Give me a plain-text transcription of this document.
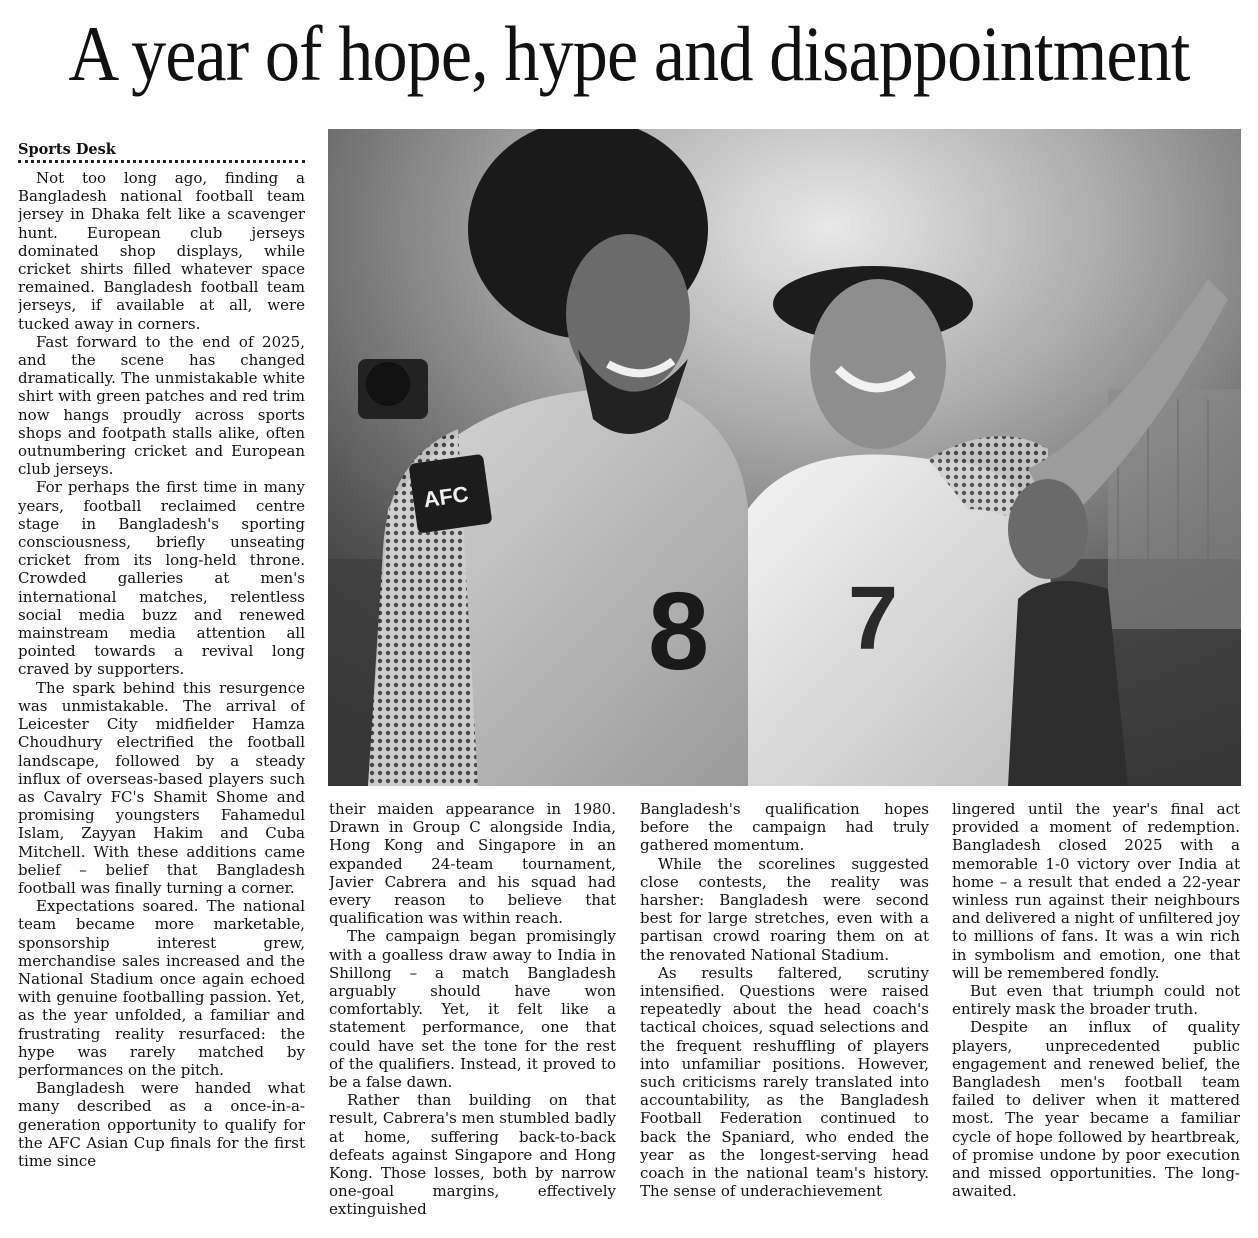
A year of hope, hype and disappointment
Sports Desk

Not too long ago, finding a Bangladesh national football team jersey in Dhaka felt like a scavenger hunt. European club jerseys dominated shop displays, while cricket shirts filled whatever space remained. Bangladesh football team jerseys, if available at all, were tucked away in corners.

Fast forward to the end of 2025, and the scene has changed dramatically. The unmistakable white shirt with green patches and red trim now hangs proudly across sports shops and footpath stalls alike, often outnumbering cricket and European club jerseys.

For perhaps the first time in many years, football reclaimed centre stage in Bangladesh's sporting consciousness, briefly unseating cricket from its long-held throne. Crowded galleries at men's international matches, relentless social media buzz and renewed mainstream media attention all pointed towards a revival long craved by supporters.

The spark behind this resurgence was unmistakable. The arrival of Leicester City midfielder Hamza Choudhury electrified the football landscape, followed by a steady influx of overseas-based players such as Cavalry FC's Shamit Shome and promising youngsters Fahamedul Islam, Zayyan Hakim and Cuba Mitchell. With these additions came belief – belief that Bangladesh football was finally turning a corner.

Expectations soared. The national team became more marketable, sponsorship interest grew, merchandise sales increased and the National Stadium once again echoed with genuine footballing passion. Yet, as the year unfolded, a familiar and frustrating reality resurfaced: the hype was rarely matched by performances on the pitch.

Bangladesh were handed what many described as a once-in-a-generation opportunity to qualify for the AFC Asian Cup finals for the first time since

AFC
8 7

their maiden appearance in 1980. Drawn in Group C alongside India, Hong Kong and Singapore in an expanded 24-team tournament, Javier Cabrera and his squad had every reason to believe that qualification was within reach.

The campaign began promisingly with a goalless draw away to India in Shillong – a match Bangladesh arguably should have won comfortably. Yet, it felt like a statement performance, one that could have set the tone for the rest of the qualifiers. Instead, it proved to be a false dawn.

Rather than building on that result, Cabrera's men stumbled badly at home, suffering back-to-back defeats against Singapore and Hong Kong. Those losses, both by narrow one-goal margins, effectively extinguished

Bangladesh's qualification hopes before the campaign had truly gathered momentum.

While the scorelines suggested close contests, the reality was harsher: Bangladesh were second best for large stretches, even with a partisan crowd roaring them on at the renovated National Stadium.

As results faltered, scrutiny intensified. Questions were raised repeatedly about the head coach's tactical choices, squad selections and the frequent reshuffling of players into unfamiliar positions. However, such criticisms rarely translated into accountability, as the Bangladesh Football Federation continued to back the Spaniard, who ended the year as the longest-serving head coach in the national team's history. The sense of underachievement

lingered until the year's final act provided a moment of redemption. Bangladesh closed 2025 with a memorable 1-0 victory over India at home – a result that ended a 22-year winless run against their neighbours and delivered a night of unfiltered joy to millions of fans. It was a win rich in symbolism and emotion, one that will be remembered fondly.

But even that triumph could not entirely mask the broader truth.

Despite an influx of quality players, unprecedented public engagement and renewed belief, the Bangladesh men's football team failed to deliver when it mattered most. The year became a familiar cycle of hope followed by heartbreak, of promise undone by poor execution and missed opportunities. The long-awaited.
